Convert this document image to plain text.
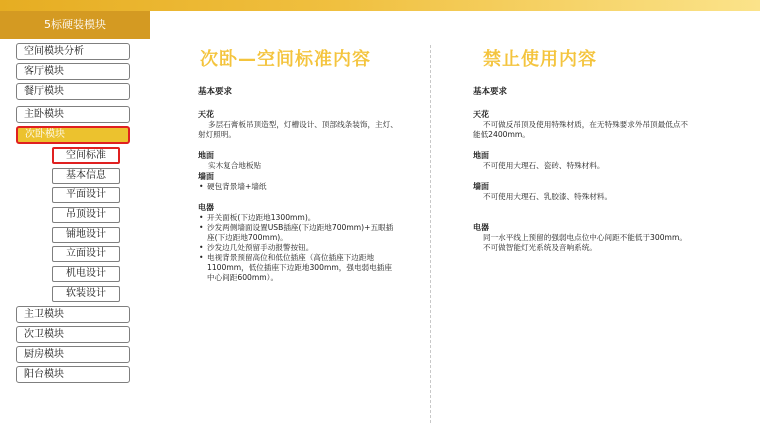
5标硬装模块
空间模块分析
客厅模块
餐厅模块
主卧模块
次卧模块
空间标准
基本信息
平面设计
吊顶设计
铺地设计
立面设计
机电设计
软装设计
主卫模块
次卫模块
厨房模块
阳台模块
次卧—空间标准内容
基本要求
天花
多层石膏板吊顶造型，灯槽设计、顶部线条装饰，主灯、射灯照明。
地面
实木复合地板贴
墙面
• 硬包背景墙+墙纸
电器
• 开关面板(下边距地1300mm)。
• 沙发两侧墙面设置USB插座(下边距地700mm)+五眼插座(下边距地700mm)。
• 沙发边几处预留手动报警按钮。
• 电视背景预留高位和低位插座（高位插座下边距地1100mm，低位插座下边距地300mm，强电弱电插座中心间距600mm）。
禁止使用内容
基本要求
天花
不可做反吊顶及使用特殊材质，在无特殊要求外吊顶最低点不能低2400mm。
地面
不可使用大理石、瓷砖、特殊材料。
墙面
不可使用大理石、乳胶漆、特殊材料。
电器
同一水平线上预留的强弱电点位中心间距不能低于300mm。
不可做智能灯光系统及音响系统。
